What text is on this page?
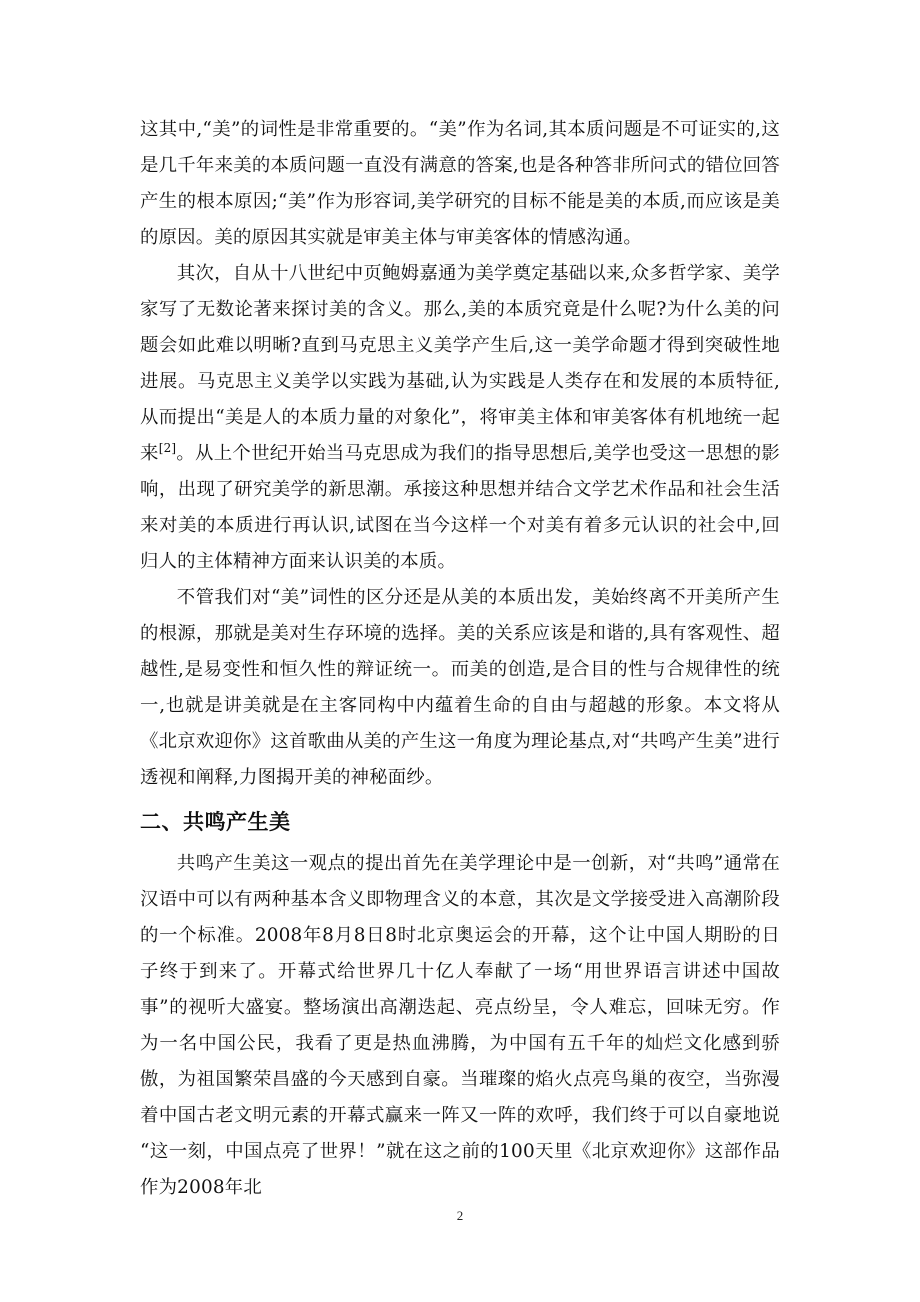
这其中,“美”的词性是非常重要的。“美”作为名词,其本质问题是不可证实的,这是几千年来美的本质问题一直没有满意的答案,也是各种答非所问式的错位回答产生的根本原因;“美”作为形容词,美学研究的目标不能是美的本质,而应该是美的原因。美的原因其实就是审美主体与审美客体的情感沟通。

其次，自从十八世纪中页鲍姆嘉通为美学奠定基础以来,众多哲学家、美学家写了无数论著来探讨美的含义。那么,美的本质究竟是什么呢?为什么美的问题会如此难以明晰?直到马克思主义美学产生后,这一美学命题才得到突破性地进展。马克思主义美学以实践为基础,认为实践是人类存在和发展的本质特征,从而提出“美是人的本质力量的对象化”，将审美主体和审美客体有机地统一起来[2]。从上个世纪开始当马克思成为我们的指导思想后,美学也受这一思想的影响，出现了研究美学的新思潮。承接这种思想并结合文学艺术作品和社会生活来对美的本质进行再认识,试图在当今这样一个对美有着多元认识的社会中,回归人的主体精神方面来认识美的本质。

不管我们对“美”词性的区分还是从美的本质出发，美始终离不开美所产生的根源，那就是美对生存环境的选择。美的关系应该是和谐的,具有客观性、超越性,是易变性和恒久性的辩证统一。而美的创造,是合目的性与合规律性的统一,也就是讲美就是在主客同构中内蕴着生命的自由与超越的形象。本文将从《北京欢迎你》这首歌曲从美的产生这一角度为理论基点,对“共鸣产生美”进行透视和阐释,力图揭开美的神秘面纱。

二、共鸣产生美

共鸣产生美这一观点的提出首先在美学理论中是一创新，对“共鸣”通常在汉语中可以有两种基本含义即物理含义的本意，其次是文学接受进入高潮阶段的一个标准。2008年8月8日8时北京奥运会的开幕，这个让中国人期盼的日子终于到来了。开幕式给世界几十亿人奉献了一场“用世界语言讲述中国故事”的视听大盛宴。整场演出高潮迭起、亮点纷呈，令人难忘，回味无穷。作为一名中国公民，我看了更是热血沸腾，为中国有五千年的灿烂文化感到骄傲，为祖国繁荣昌盛的今天感到自豪。当璀璨的焰火点亮鸟巢的夜空，当弥漫着中国古老文明元素的开幕式赢来一阵又一阵的欢呼，我们终于可以自豪地说 “这一刻，中国点亮了世界！”就在这之前的100天里《北京欢迎你》这部作品作为2008年北

2
